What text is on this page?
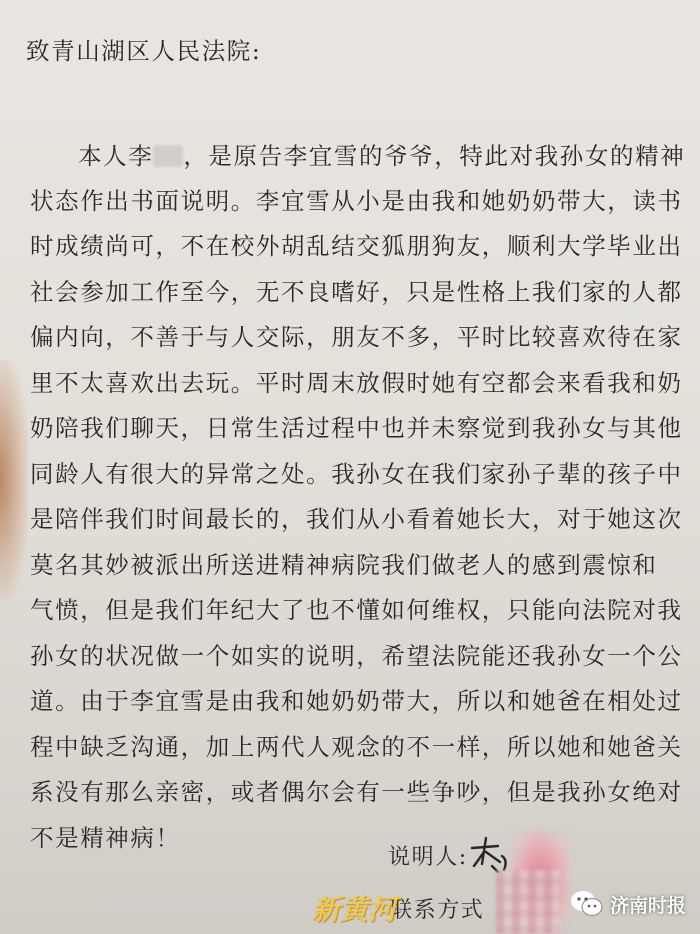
致青山湖区人民法院:
本人李 ，是原告李宜雪的爷爷，特此对我孙女的精神
状态作出书面说明。李宜雪从小是由我和她奶奶带大，读书
时成绩尚可，不在校外胡乱结交狐朋狗友，顺利大学毕业出
社会参加工作至今，无不良嗜好，只是性格上我们家的人都
偏内向，不善于与人交际，朋友不多，平时比较喜欢待在家
里不太喜欢出去玩。平时周末放假时她有空都会来看我和奶
奶陪我们聊天，日常生活过程中也并未察觉到我孙女与其他
同龄人有很大的异常之处。我孙女在我们家孙子辈的孩子中
是陪伴我们时间最长的，我们从小看着她长大，对于她这次
莫名其妙被派出所送进精神病院我们做老人的感到震惊和
气愤，但是我们年纪大了也不懂如何维权，只能向法院对我
孙女的状况做一个如实的说明，希望法院能还我孙女一个公
道。由于李宜雪是由我和她奶奶带大，所以和她爸在相处过
程中缺乏沟通，加上两代人观念的不一样，所以她和她爸关
系没有那么亲密，或者偶尔会有一些争吵，但是我孙女绝对
不是精神病！
说明人:
联系方式
新黄河	济南时报
